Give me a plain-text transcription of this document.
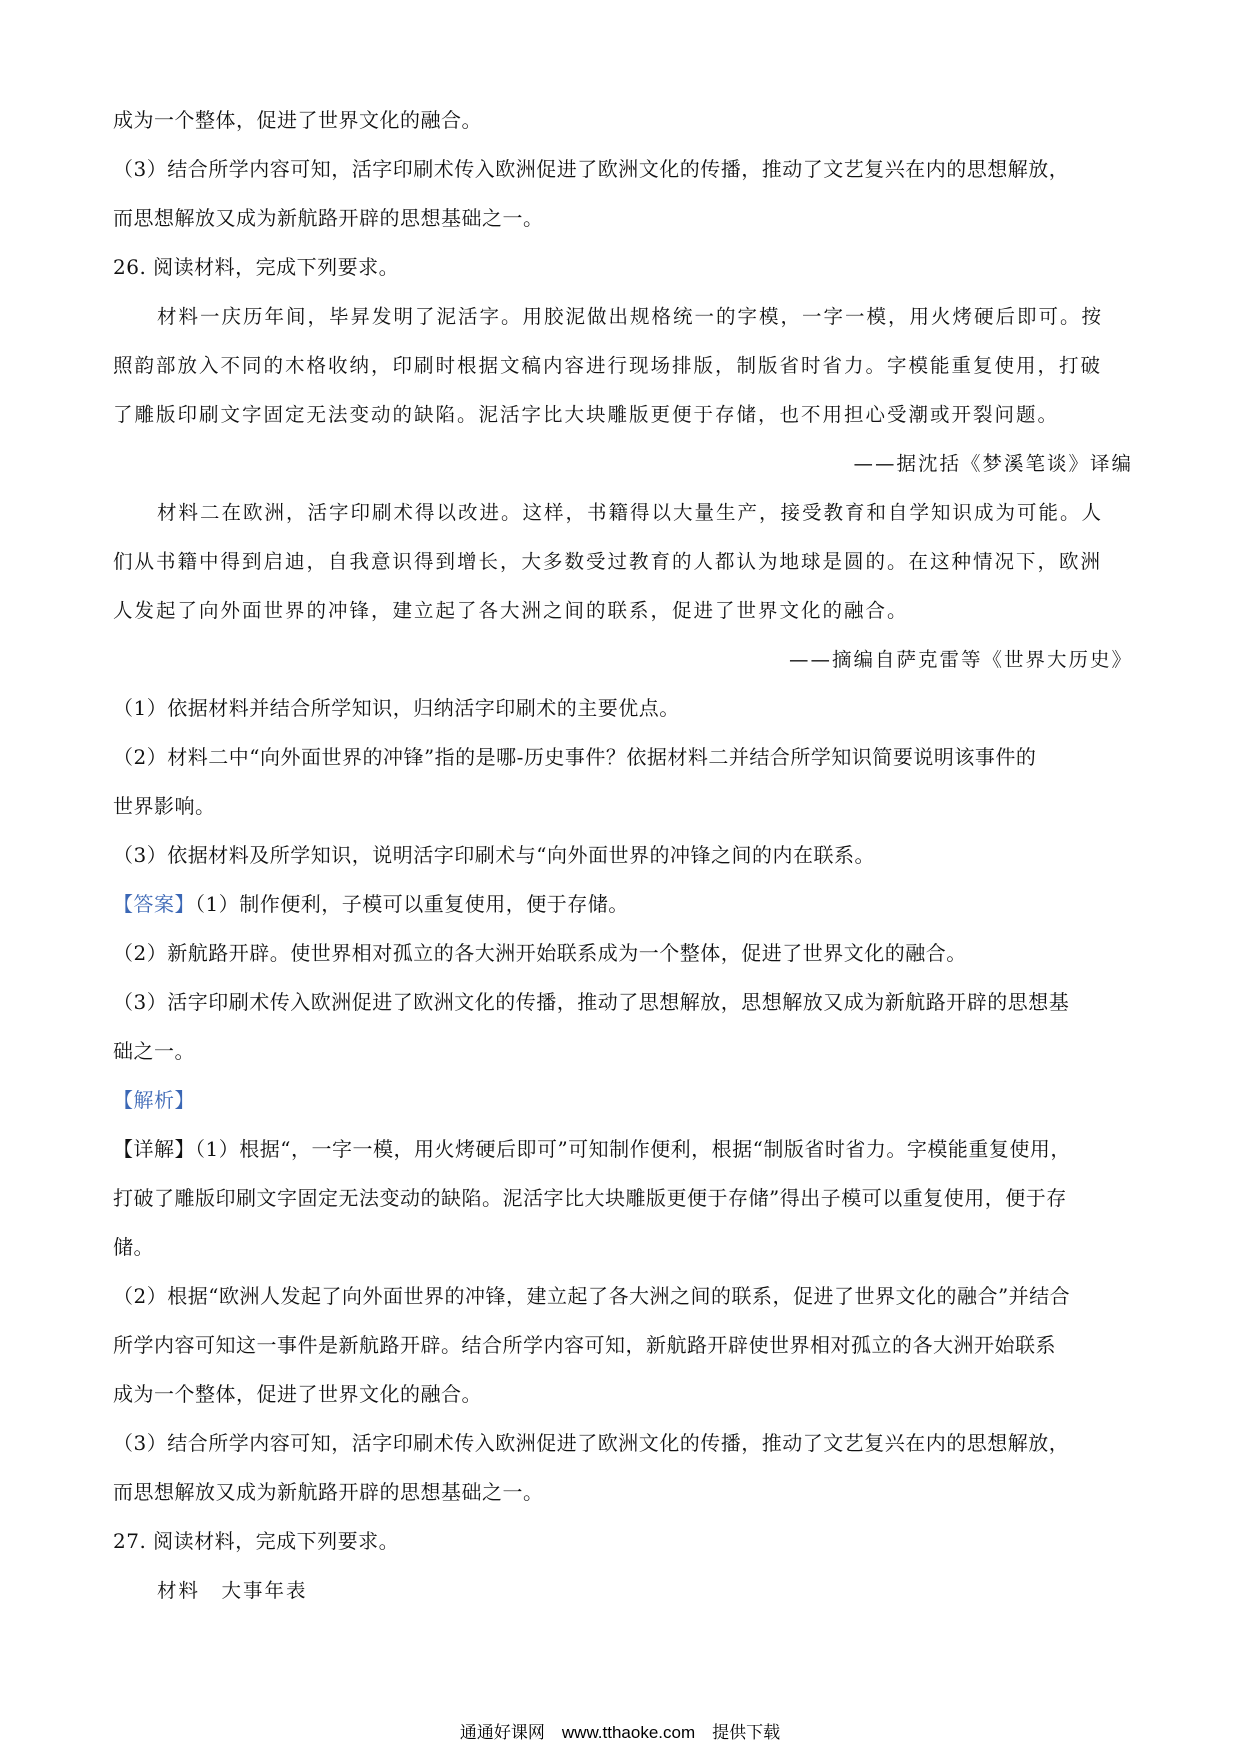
成为一个整体，促进了世界文化的融合。

（3）结合所学内容可知，活字印刷术传入欧洲促进了欧洲文化的传播，推动了文艺复兴在内的思想解放，

而思想解放又成为新航路开辟的思想基础之一。

26. 阅读材料，完成下列要求。

材料一庆历年间，毕昇发明了泥活字。用胶泥做出规格统一的字模，一字一模，用火烤硬后即可。按

照韵部放入不同的木格收纳，印刷时根据文稿内容进行现场排版，制版省时省力。字模能重复使用，打破

了雕版印刷文字固定无法变动的缺陷。泥活字比大块雕版更便于存储，也不用担心受潮或开裂问题。

——据沈括《梦溪笔谈》译编

材料二在欧洲，活字印刷术得以改进。这样，书籍得以大量生产，接受教育和自学知识成为可能。人

们从书籍中得到启迪，自我意识得到增长，大多数受过教育的人都认为地球是圆的。在这种情况下，欧洲

人发起了向外面世界的冲锋，建立起了各大洲之间的联系，促进了世界文化的融合。

——摘编自萨克雷等《世界大历史》

（1）依据材料并结合所学知识，归纳活字印刷术的主要优点。

（2）材料二中“向外面世界的冲锋”指的是哪-历史事件？依据材料二并结合所学知识简要说明该事件的

世界影响。

（3）依据材料及所学知识，说明活字印刷术与“向外面世界的冲锋之间的内在联系。

【答案】（1）制作便利，子模可以重复使用，便于存储。

（2）新航路开辟。使世界相对孤立的各大洲开始联系成为一个整体，促进了世界文化的融合。

（3）活字印刷术传入欧洲促进了欧洲文化的传播，推动了思想解放，思想解放又成为新航路开辟的思想基

础之一。

【解析】

【详解】（1）根据“，一字一模，用火烤硬后即可”可知制作便利，根据“制版省时省力。字模能重复使用，

打破了雕版印刷文字固定无法变动的缺陷。泥活字比大块雕版更便于存储”得出子模可以重复使用，便于存

储。

（2）根据“欧洲人发起了向外面世界的冲锋，建立起了各大洲之间的联系，促进了世界文化的融合”并结合

所学内容可知这一事件是新航路开辟。结合所学内容可知，新航路开辟使世界相对孤立的各大洲开始联系

成为一个整体，促进了世界文化的融合。

（3）结合所学内容可知，活字印刷术传入欧洲促进了欧洲文化的传播，推动了文艺复兴在内的思想解放，

而思想解放又成为新航路开辟的思想基础之一。

27. 阅读材料，完成下列要求。

材料　大事年表

通通好课网　www.tthaoke.com　提供下载
